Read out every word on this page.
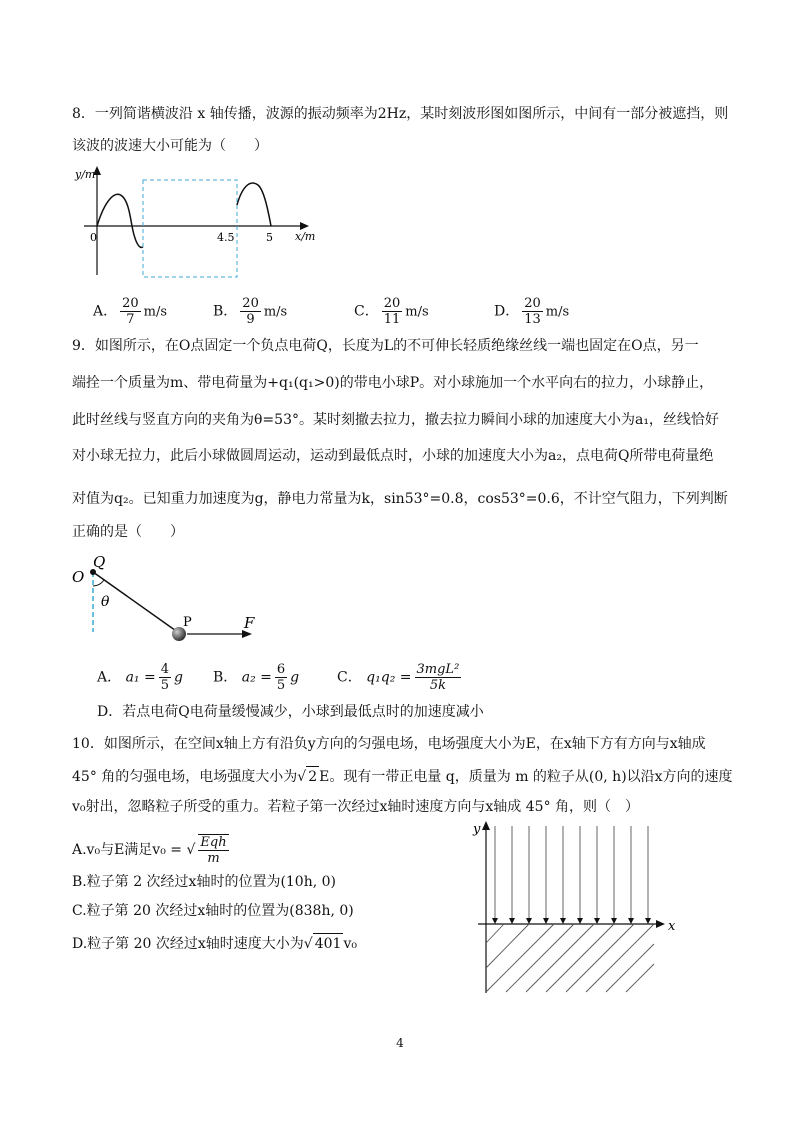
8．一列简谐横波沿 x 轴传播，波源的振动频率为2Hz，某时刻波形图如图所示，中间有一部分被遮挡，则
该波的波速大小可能为（　　）
y/m
x/m
0	4.5	5
A． $\frac{20}{7} m/s$	B． $\frac{20}{9} m/s$	C． $\frac{20}{11} m/s$	D． $\frac{20}{13} m/s$
9．如图所示，在O点固定一个负点电荷Q，长度为L的不可伸长轻质绝缘丝线一端也固定在O点，另一
端拴一个质量为m、带电荷量为+q₁(q₁>0)的带电小球P。对小球施加一个水平向右的拉力，小球静止，
此时丝线与竖直方向的夹角为θ=53°。某时刻撤去拉力，撤去拉力瞬间小球的加速度大小为a₁，丝线恰好
对小球无拉力，此后小球做圆周运动，运动到最低点时，小球的加速度大小为a₂，点电荷Q所带电荷量绝
对值为q₂。已知重力加速度为g，静电力常量为k，sin53°=0.8，cos53°=0.6，不计空气阻力，下列判断
正确的是（　　）
O
Q
θ
P	F
A． $a_1 = \frac{4}{5}$ g B． $a_2 = \frac{6}{5}$ g	C． $q_1q_2 = \frac{\text{3mgL²}}{5k}$
D．若点电荷Q电荷量缓慢减少，小球到最低点时的加速度减小
10．如图所示，在空间x轴上方有沿负y方向的匀强电场，电场强度大小为E，在x轴下方有方向与x轴成
45° 角的匀强电场，电场强度大小为√ 2 E。现有一带正电量 q，质量为 m 的粒子从(0, h)以沿x方向的速度
v₀射出，忽略粒子所受的重力。若粒子第一次经过x轴时速度方向与x轴成 45° 角，则（　）
A.v₀与E满足v₀ = √ $\frac{\text{Eqh}}{m}$
B.粒子第 2 次经过x轴时的位置为(10h, 0)
C.粒子第 20 次经过x轴时的位置为(838h, 0)
D.粒子第 20 次经过x轴时速度大小为√ 401 v₀
y
x
4
